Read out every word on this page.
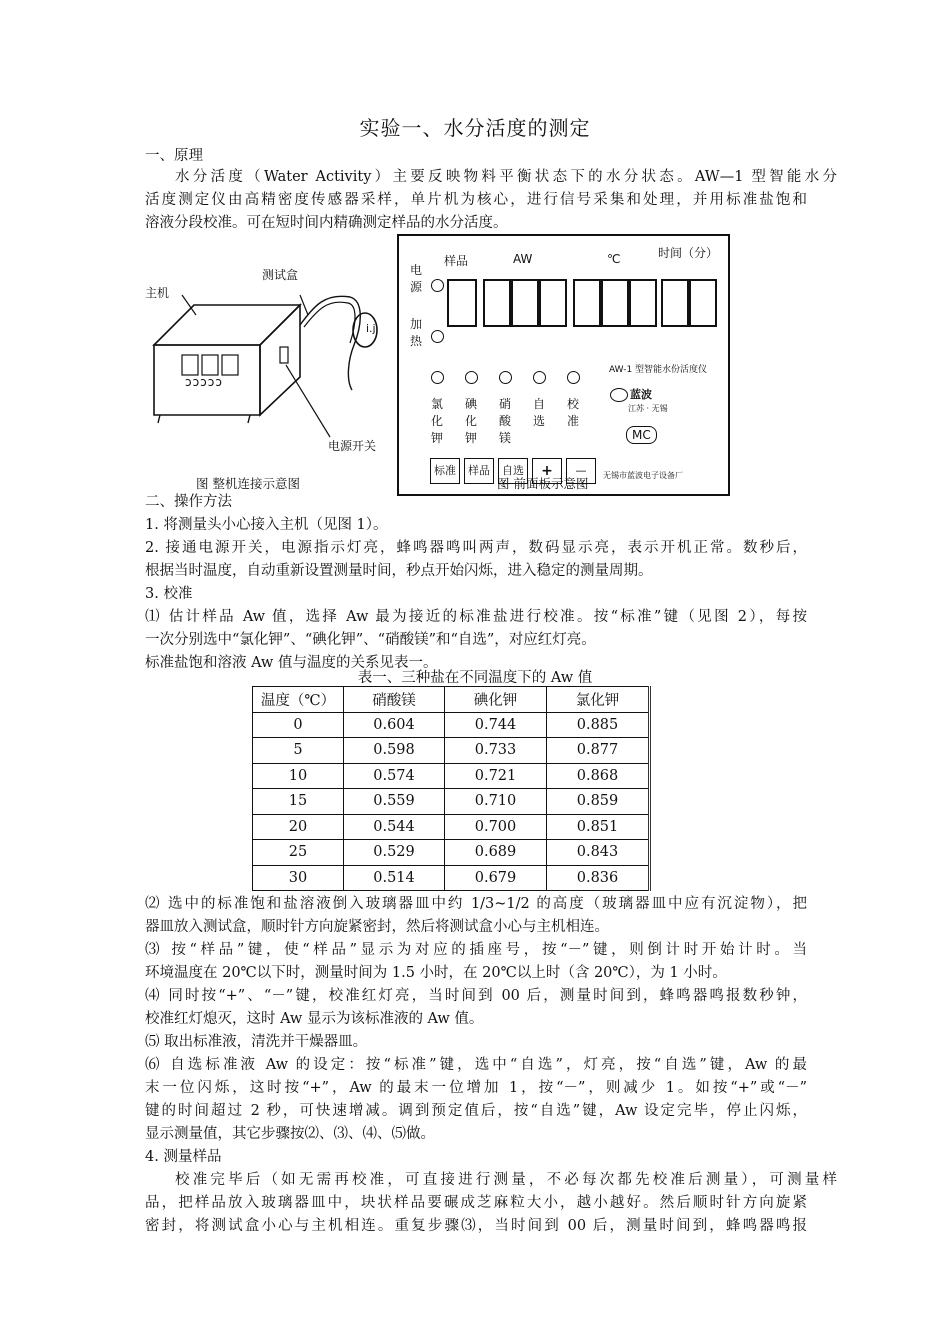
实验一、水分活度的测定
一、原理
水分活度（Water Activity）主要反映物料平衡状态下的水分状态。AW—1 型智能水分
活度测定仪由高精密度传感器采样，单片机为核心，进行信号采集和处理，并用标准盐饱和
溶液分段校准。可在短时间内精确测定样品的水分活度。
i.j
ɔɔɔɔɔ
主机
测试盒
电源开关
图 整机连接示意图
样品	AW	℃	时间（分）
电源
加热
氯化钾
碘化钾
硝酸镁
自 选
校 准
AW-1 型智能水份活度仪
蓝波
江苏 · 无锡
MC
标准	样品	自选	+	—	无锡市蓝波电子设备厂
图 前面板示意图
二、操作方法
1. 将测量头小心接入主机（见图 1）。
2. 接通电源开关，电源指示灯亮，蜂鸣器鸣叫两声，数码显示亮，表示开机正常。数秒后，
根据当时温度，自动重新设置测量时间，秒点开始闪烁，进入稳定的测量周期。
3. 校准
⑴ 估计样品 Aw 值，选择 Aw 最为接近的标准盐进行校准。按“标准”键（见图 2），每按
一次分别选中“氯化钾”、“碘化钾”、“硝酸镁”和“自选”，对应红灯亮。
标准盐饱和溶液 Aw 值与温度的关系见表一。
表一、三种盐在不同温度下的 Aw 值
温度（℃）	硝酸镁	碘化钾	氯化钾
0	0.604	0.744	0.885
5	0.598	0.733	0.877
10	0.574	0.721	0.868
15	0.559	0.710	0.859
20	0.544	0.700	0.851
25	0.529	0.689	0.843
30	0.514	0.679	0.836
⑵ 选中的标准饱和盐溶液倒入玻璃器皿中约 1/3~1/2 的高度（玻璃器皿中应有沉淀物），把
器皿放入测试盒，顺时针方向旋紧密封，然后将测试盒小心与主机相连。
⑶ 按“样品”键，使“样品”显示为对应的插座号，按“－”键，则倒计时开始计时。当
环境温度在 20℃以下时，测量时间为 1.5 小时，在 20℃以上时（含 20℃），为 1 小时。
⑷ 同时按“+”、“－”键，校准红灯亮，当时间到 00 后，测量时间到，蜂鸣器鸣报数秒钟，
校准红灯熄灭，这时 Aw 显示为该标准液的 Aw 值。
⑸ 取出标准液，清洗并干燥器皿。
⑹ 自选标准液 Aw 的设定：按“标准”键，选中“自选”，灯亮，按“自选”键，Aw 的最
末一位闪烁，这时按“+”，Aw 的最末一位增加 1，按“－”，则减少 1。如按“+”或“－”
键的时间超过 2 秒，可快速增减。调到预定值后，按“自选”键，Aw 设定完毕，停止闪烁，
显示测量值，其它步骤按⑵、⑶、⑷、⑸做。
4. 测量样品
校准完毕后（如无需再校准，可直接进行测量，不必每次都先校准后测量），可测量样
品，把样品放入玻璃器皿中，块状样品要碾成芝麻粒大小，越小越好。然后顺时针方向旋紧
密封，将测试盒小心与主机相连。重复步骤⑶，当时间到 00 后，测量时间到，蜂鸣器鸣报
